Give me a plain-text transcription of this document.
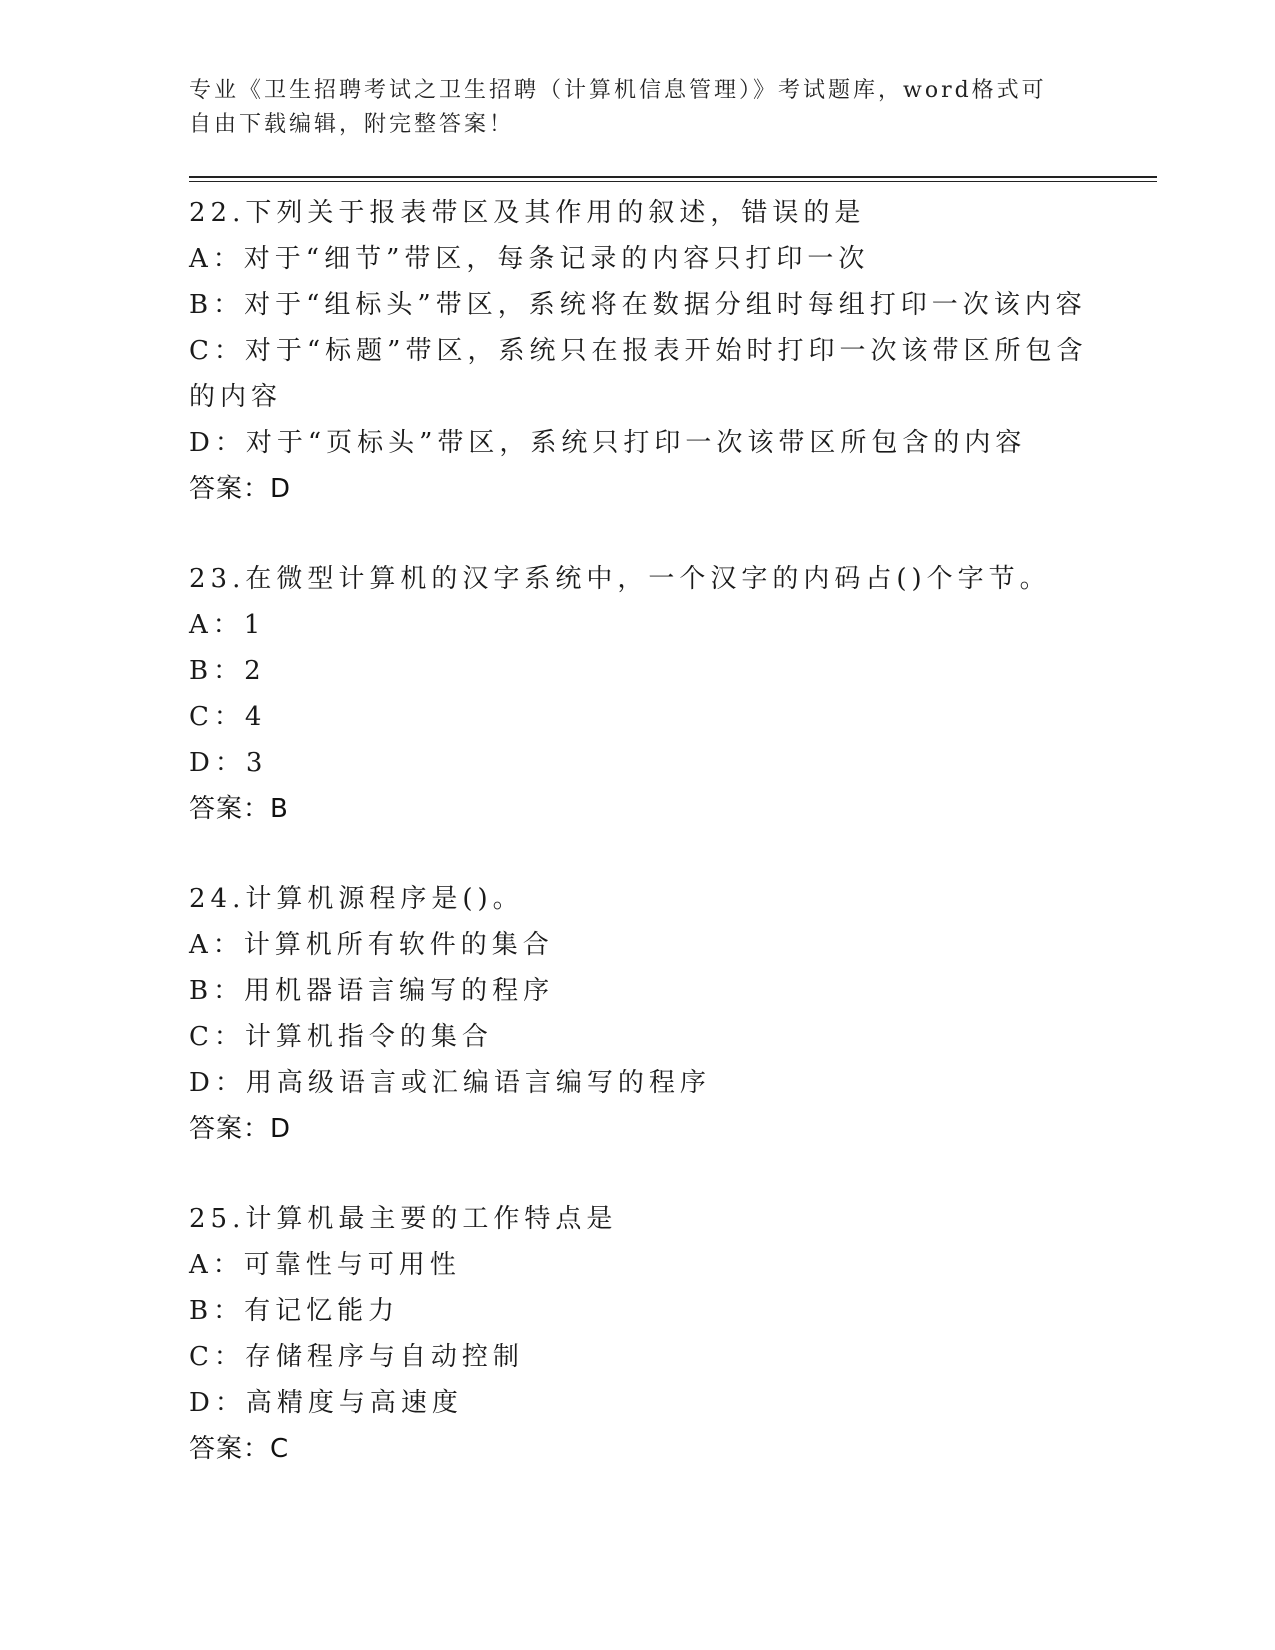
专业《卫生招聘考试之卫生招聘（计算机信息管理）》考试题库，word格式可自由下载编辑，附完整答案！
22.下列关于报表带区及其作用的叙述，错误的是
A：对于“细节”带区，每条记录的内容只打印一次
B：对于“组标头”带区，系统将在数据分组时每组打印一次该内容
C：对于“标题”带区，系统只在报表开始时打印一次该带区所包含的内容
D：对于“页标头”带区，系统只打印一次该带区所包含的内容
答案：D
23.在微型计算机的汉字系统中，一个汉字的内码占()个字节。
A：1
B：2
C：4
D：3
答案：B
24.计算机源程序是()。
A：计算机所有软件的集合
B：用机器语言编写的程序
C：计算机指令的集合
D：用高级语言或汇编语言编写的程序
答案：D
25.计算机最主要的工作特点是
A：可靠性与可用性
B：有记忆能力
C：存储程序与自动控制
D：高精度与高速度
答案：C
